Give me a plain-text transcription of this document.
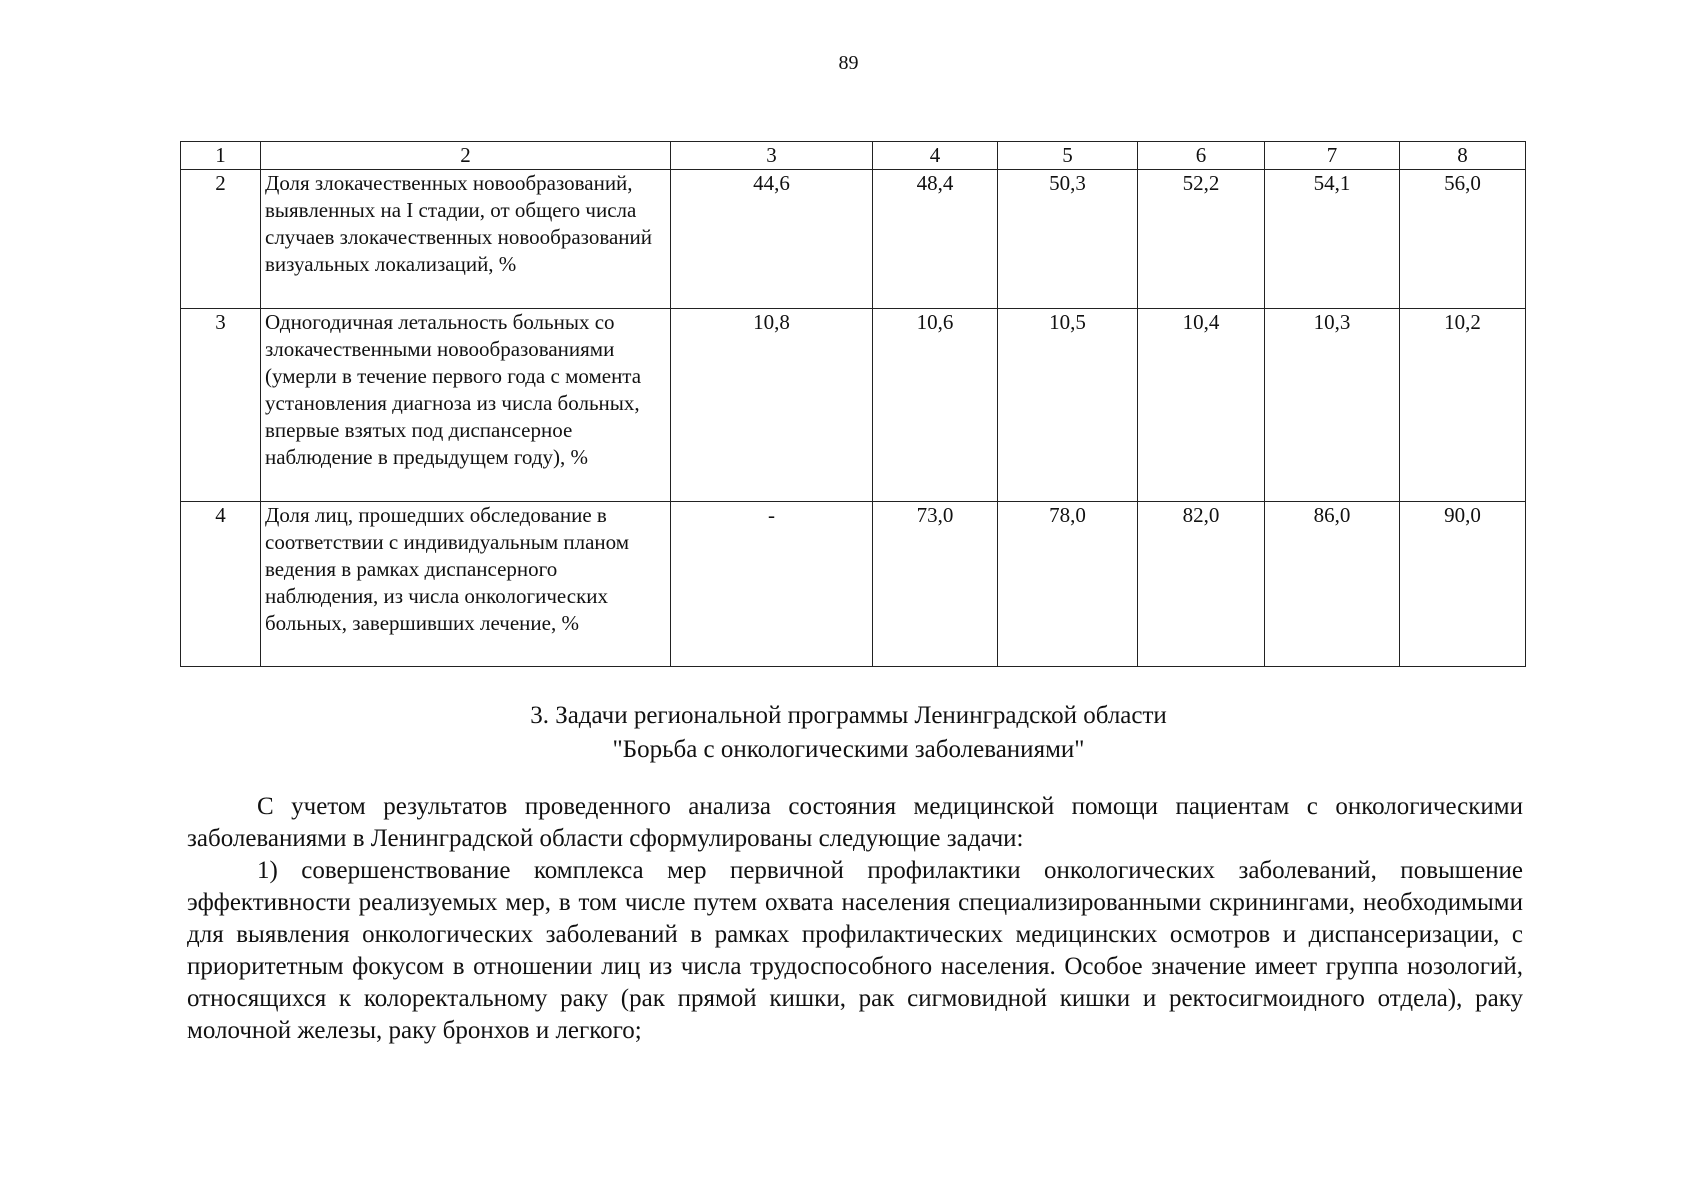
89
1	2	3	4	5	6	7	8
2	Доля злокачественных новообразований, выявленных на I стадии, от общего числа случаев злокачественных новообразований визуальных локализаций, %	44,6	48,4	50,3	52,2	54,1	56,0
3	Одногодичная летальность больных со злокачественными новообразованиями (умерли в течение первого года с момента установления диагноза из числа больных, впервые взятых под диспансерное наблюдение в предыдущем году), %	10,8	10,6	10,5	10,4	10,3	10,2
4	Доля лиц, прошедших обследование в соответствии с индивидуальным планом ведения в рамках диспансерного наблюдения, из числа онкологических больных, завершивших лечение, %	-	73,0	78,0	82,0	86,0	90,0
3. Задачи региональной программы Ленинградской области
"Борьба с онкологическими заболеваниями"

С учетом результатов проведенного анализа состояния медицинской помощи пациентам с онкологическими заболеваниями в Ленинградской области сформулированы следующие задачи:

1) совершенствование комплекса мер первичной профилактики онкологических заболеваний, повышение эффективности реализуемых мер, в том числе путем охвата населения специализированными скринингами, необходимыми для выявления онкологических заболеваний в рамках профилактических медицинских осмотров и диспансеризации, с приоритетным фокусом в отношении лиц из числа трудоспособного населения. Особое значение имеет группа нозологий, относящихся к колоректальному раку (рак прямой кишки, рак сигмовидной кишки и ректосигмоидного отдела), раку молочной железы, раку бронхов и легкого;
